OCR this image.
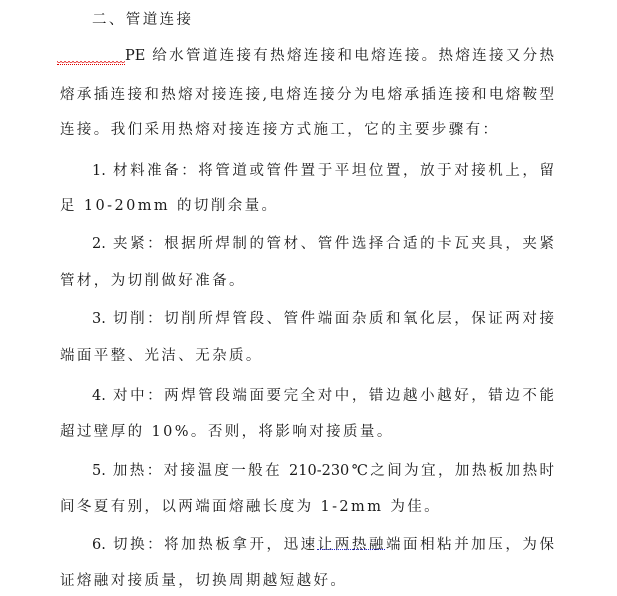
二、管道连接
PE 给水管道连接有热熔连接和电熔连接。热熔连接又分热
熔承插连接和热熔对接连接,电熔连接分为电熔承插连接和电熔鞍型
连接。我们采用热熔对接连接方式施工，它的主要步骤有：
1. 材料准备：将管道或管件置于平坦位置，放于对接机上，留
足 10-20mm 的切削余量。
2. 夹紧：根据所焊制的管材、管件选择合适的卡瓦夹具，夹紧
管材，为切削做好准备。
3. 切削：切削所焊管段、管件端面杂质和氧化层，保证两对接
端面平整、光洁、无杂质。
4. 对中：两焊管段端面要完全对中，错边越小越好，错边不能
超过壁厚的 10%。否则，将影响对接质量。
5. 加热：对接温度一般在 210-230℃之间为宜，加热板加热时
间冬夏有别，以两端面熔融长度为 1-2mm 为佳。
6. 切换：将加热板拿开，迅速让两热融端面相粘并加压，为保
证熔融对接质量，切换周期越短越好。
